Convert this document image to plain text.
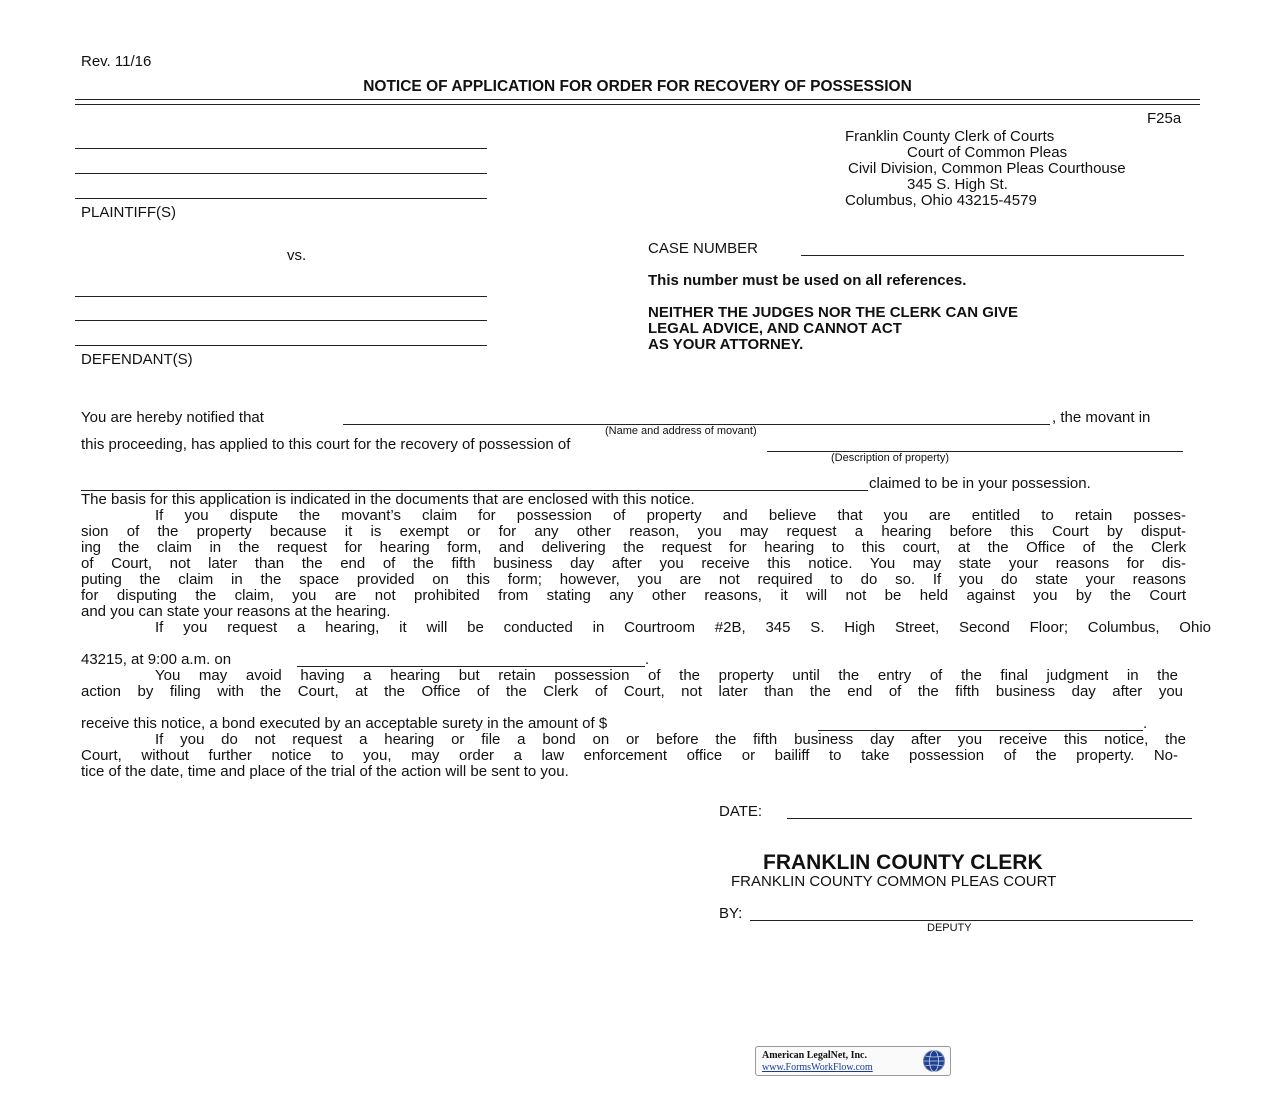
Rev. 11/16
NOTICE OF APPLICATION FOR ORDER FOR RECOVERY OF POSSESSION
F25a
Franklin County Clerk of Courts
Court of Common Pleas
Civil Division, Common Pleas Courthouse
345 S. High St.
Columbus, Ohio 43215-4579
PLAINTIFF(S)
vs.
DEFENDANT(S)
CASE NUMBER
This number must be used on all references.
NEITHER THE JUDGES NOR THE CLERK CAN GIVE
LEGAL ADVICE, AND CANNOT ACT
AS YOUR ATTORNEY.
You are hereby notified that	, the movant in
(Name and address of movant)
this proceeding, has applied to this court for the recovery of possession of
(Description of property)
claimed to be in your possession.
The basis for this application is indicated in the documents that are enclosed with this notice.
If you dispute the movant’s claim for possession of property and believe that you are entitled to retain posses-
sion of the property because it is exempt or for any other reason, you may request a hearing before this Court by disput-
ing the claim in the request for hearing form, and delivering the request for hearing to this court, at the Office of the Clerk
of Court, not later than the end of the fifth business day after you receive this notice. You may state your reasons for dis-
puting the claim in the space provided on this form; however, you are not required to do so. If you do state your reasons
for disputing the claim, you are not prohibited from stating any other reasons, it will not be held against you by the Court
and you can state your reasons at the hearing.
If you request a hearing, it will be conducted in Courtroom #2B, 345 S. High Street, Second Floor; Columbus, Ohio
43215, at 9:00 a.m. on	.
You may avoid having a hearing but retain possession of the property until the entry of the final judgment in the
action by filing with the Court, at the Office of the Clerk of Court, not later than the end of the fifth business day after you
receive this notice, a bond executed by an acceptable surety in the amount of $	.
If you do not request a hearing or file a bond on or before the fifth business day after you receive this notice, the
Court, without further notice to you, may order a law enforcement office or bailiff to take possession of the property. No-
tice of the date, time and place of the trial of the action will be sent to you.
DATE:
FRANKLIN COUNTY CLERK
FRANKLIN COUNTY COMMON PLEAS COURT
BY:
DEPUTY
American LegalNet, Inc.
www.FormsWorkFlow.com
